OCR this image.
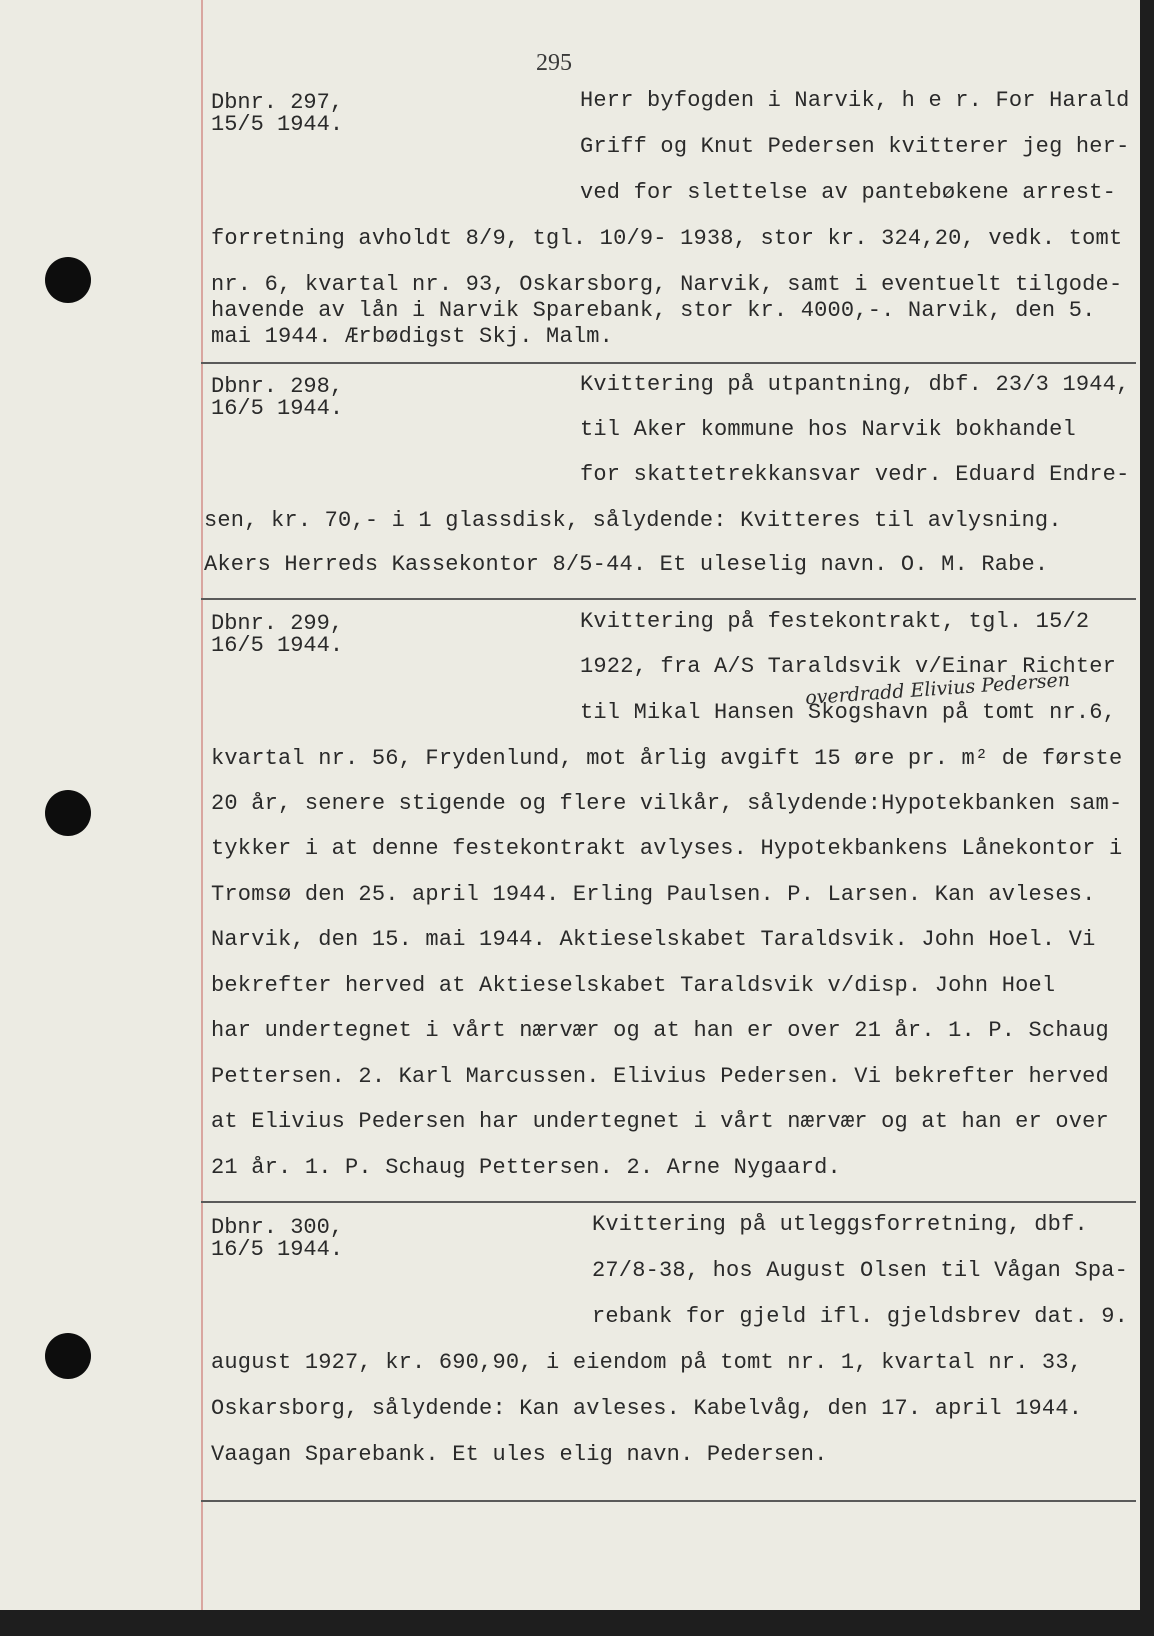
295
Dbnr. 297,
15/5 1944.
Herr byfogden i Narvik, h e r. For Harald
Griff og Knut Pedersen kvitterer jeg her-
ved for slettelse av pantebøkene arrest-
forretning avholdt 8/9, tgl. 10/9- 1938, stor kr. 324,20, vedk. tomt
nr. 6, kvartal nr. 93, Oskarsborg, Narvik, samt i eventuelt tilgode-
havende av lån i Narvik Sparebank, stor kr. 4000,-. Narvik, den 5.
mai 1944. Ærbødigst Skj. Malm.
Dbnr. 298,
16/5 1944.
Kvittering på utpantning, dbf. 23/3 1944,
til Aker kommune hos Narvik bokhandel
for skattetrekkansvar vedr. Eduard Endre-
sen, kr. 70,- i 1 glassdisk, sålydende: Kvitteres til avlysning.
Akers Herreds Kassekontor 8/5-44. Et uleselig navn. O. M. Rabe.
Dbnr. 299,
16/5 1944.
Kvittering på festekontrakt, tgl. 15/2
1922, fra A/S Taraldsvik v/Einar Richter
overdradd Elivius Pedersen
til Mikal Hansen Skogshavn på tomt nr.6,
kvartal nr. 56, Frydenlund, mot årlig avgift 15 øre pr. m² de første
20 år, senere stigende og flere vilkår, sålydende:Hypotekbanken sam-
tykker i at denne festekontrakt avlyses. Hypotekbankens Lånekontor i
Tromsø den 25. april 1944. Erling Paulsen. P. Larsen. Kan avleses.
Narvik, den 15. mai 1944. Aktieselskabet Taraldsvik. John Hoel. Vi
bekrefter herved at Aktieselskabet Taraldsvik v/disp. John Hoel
har undertegnet i vårt nærvær og at han er over 21 år. 1. P. Schaug
Pettersen. 2. Karl Marcussen. Elivius Pedersen. Vi bekrefter herved
at Elivius Pedersen har undertegnet i vårt nærvær og at han er over
21 år. 1. P. Schaug Pettersen. 2. Arne Nygaard.
Dbnr. 300,
16/5 1944.
Kvittering på utleggsforretning, dbf.
27/8-38, hos August Olsen til Vågan Spa-
rebank for gjeld ifl. gjeldsbrev dat. 9.
august 1927, kr. 690,90, i eiendom på tomt nr. 1, kvartal nr. 33,
Oskarsborg, sålydende: Kan avleses. Kabelvåg, den 17. april 1944.
Vaagan Sparebank. Et ules elig navn. Pedersen.
